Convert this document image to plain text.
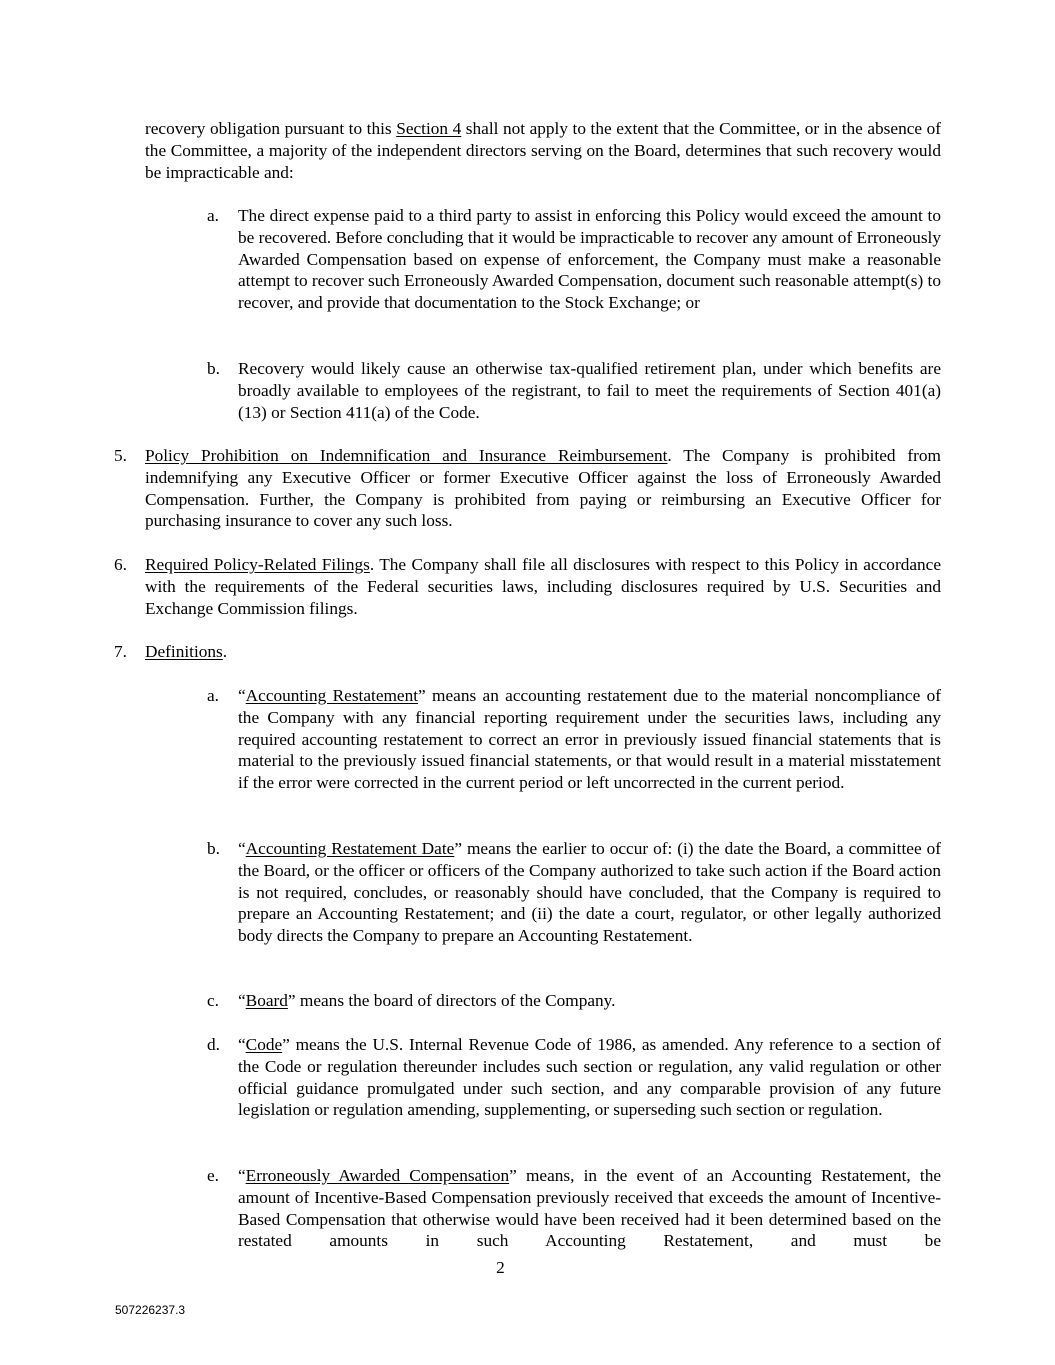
recovery obligation pursuant to this Section 4 shall not apply to the extent that the Committee, or in the absence of the Committee, a majority of the independent directors serving on the Board, determines that such recovery would be impracticable and:

a. The direct expense paid to a third party to assist in enforcing this Policy would exceed the amount to be recovered. Before concluding that it would be impracticable to recover any amount of Erroneously Awarded Compensation based on expense of enforcement, the Company must make a reasonable attempt to recover such Erroneously Awarded Compensation, document such reasonable attempt(s) to recover, and provide that documentation to the Stock Exchange; or

b. Recovery would likely cause an otherwise tax-qualified retirement plan, under which benefits are broadly available to employees of the registrant, to fail to meet the requirements of Section 401(a)(13) or Section 411(a) of the Code.

5. Policy Prohibition on Indemnification and Insurance Reimbursement. The Company is prohibited from indemnifying any Executive Officer or former Executive Officer against the loss of Erroneously Awarded Compensation. Further, the Company is prohibited from paying or reimbursing an Executive Officer for purchasing insurance to cover any such loss.

6. Required Policy-Related Filings. The Company shall file all disclosures with respect to this Policy in accordance with the requirements of the Federal securities laws, including disclosures required by U.S. Securities and Exchange Commission filings.

7. Definitions.

a. “Accounting Restatement” means an accounting restatement due to the material noncompliance of the Company with any financial reporting requirement under the securities laws, including any required accounting restatement to correct an error in previously issued financial statements that is material to the previously issued financial statements, or that would result in a material misstatement if the error were corrected in the current period or left uncorrected in the current period.

b. “Accounting Restatement Date” means the earlier to occur of: (i) the date the Board, a committee of the Board, or the officer or officers of the Company authorized to take such action if the Board action is not required, concludes, or reasonably should have concluded, that the Company is required to prepare an Accounting Restatement; and (ii) the date a court, regulator, or other legally authorized body directs the Company to prepare an Accounting Restatement.

c. “Board” means the board of directors of the Company.

d. “Code” means the U.S. Internal Revenue Code of 1986, as amended. Any reference to a section of the Code or regulation thereunder includes such section or regulation, any valid regulation or other official guidance promulgated under such section, and any comparable provision of any future legislation or regulation amending, supplementing, or superseding such section or regulation.

e. “Erroneously Awarded Compensation” means, in the event of an Accounting Restatement, the amount of Incentive-Based Compensation previously received that exceeds the amount of Incentive-Based Compensation that otherwise would have been received had it been determined based on the restated amounts in such Accounting Restatement, and must be

2

507226237.3
